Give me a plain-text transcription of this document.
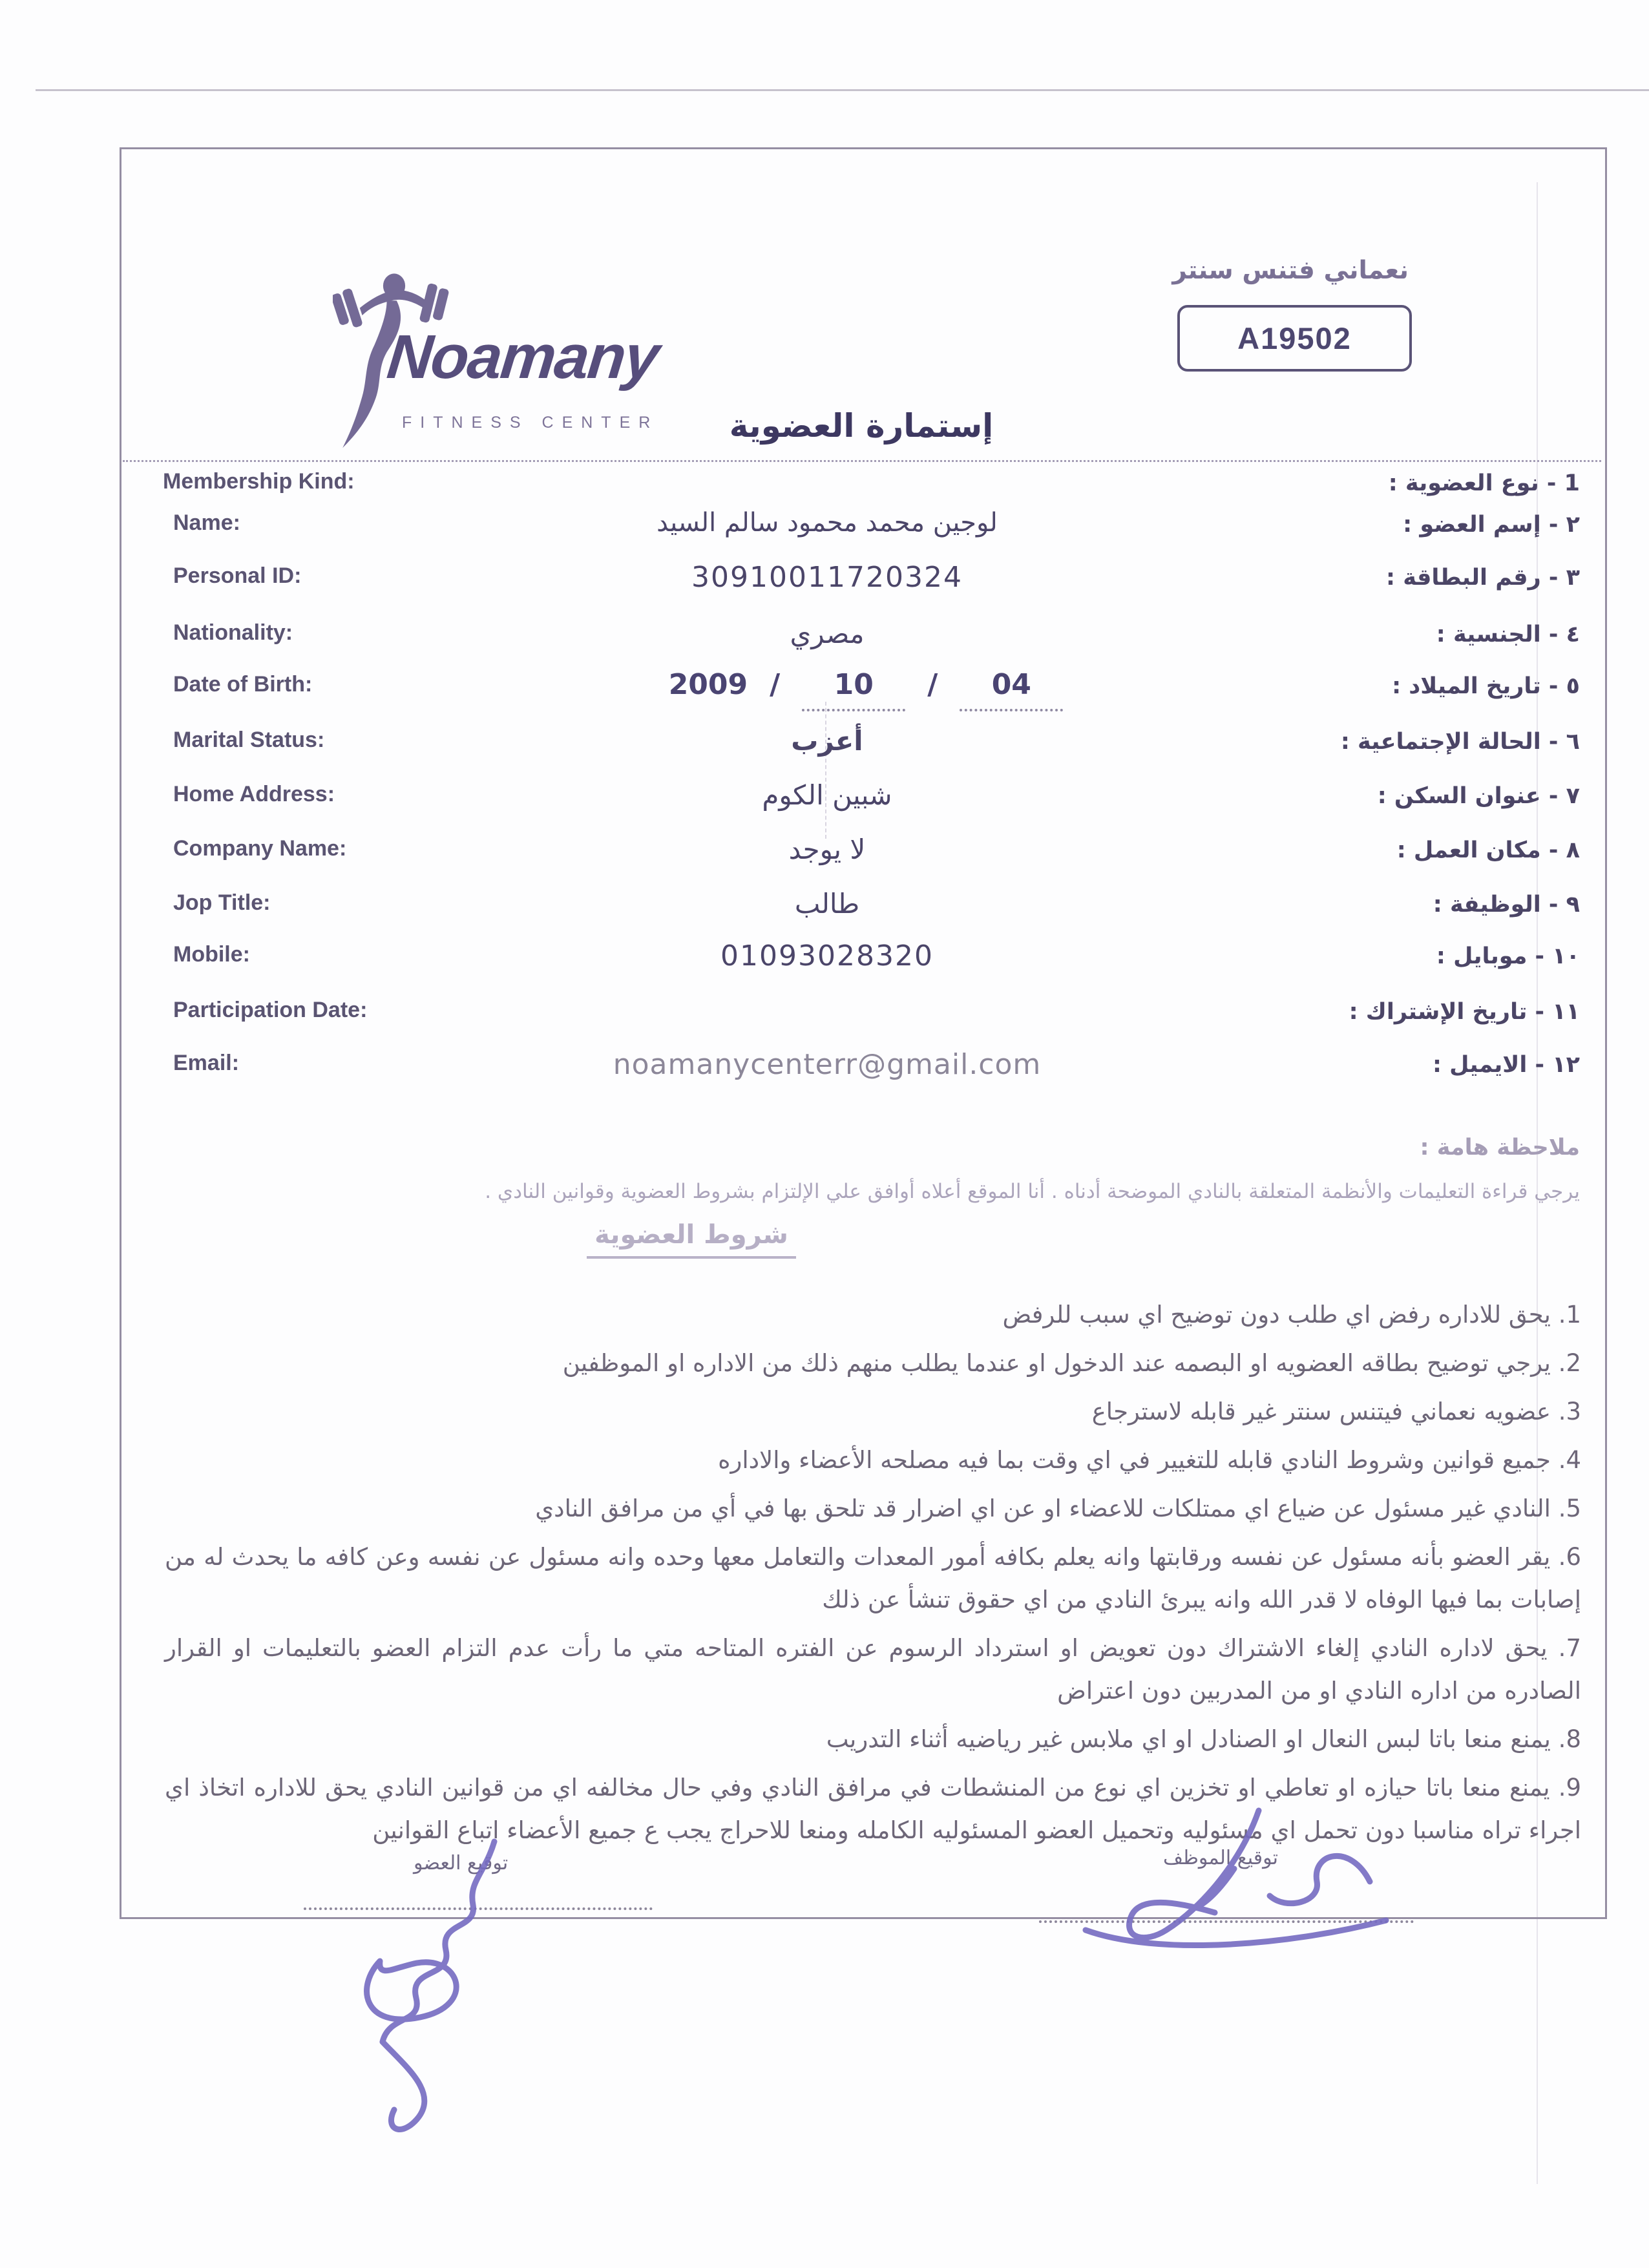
Noamany
FITNESS CENTER
نعماني فتنس سنتر
A19502
إستمارة العضوية
Membership Kind:	1 - نوع العضوية :
Name:	لوجين محمد محمود سالم السيد	٢ - إسم العضو :
Personal ID:	30910011720324	٣ - رقم البطاقة :
Nationality:	مصري	٤ - الجنسية :
Date of Birth:	2009 /	10	/	04	٥ - تاريخ الميلاد :
Marital Status:	أعزب	٦ - الحالة الإجتماعية :
Home Address:	شبين الكوم	٧ - عنوان السكن :
Company Name:	لا يوجد	٨ - مكان العمل :
Jop Title:	طالب	٩ - الوظيفة :
Mobile:	01093028320	١٠ - موبايل :
Participation Date:	١١ - تاريخ الإشتراك :
Email:	noamanycenterr@gmail.com	١٢ - الايميل :
ملاحظة هامة :
يرجي قراءة التعليمات والأنظمة المتعلقة بالنادي الموضحة أدناه . أنا الموقع أعلاه أوافق علي الإلتزام بشروط العضوية وقوانين النادي .
شروط العضوية
1. يحق للاداره رفض اي طلب دون توضيح اي سبب للرفض
2. يرجي توضيح بطاقه العضويه او البصمه عند الدخول او عندما يطلب منهم ذلك من الاداره او الموظفين
3. عضويه نعماني فيتنس سنتر غير قابله لاسترجاع
4. جميع قوانين وشروط النادي قابله للتغيير في اي وقت بما فيه مصلحه الأعضاء والاداره
5. النادي غير مسئول عن ضياع اي ممتلكات للاعضاء او عن اي اضرار قد تلحق بها في أي من مرافق النادي
6. يقر العضو بأنه مسئول عن نفسه ورقابتها وانه يعلم بكافه أمور المعدات والتعامل معها وحده وانه مسئول عن نفسه وعن كافه ما يحدث له من إصابات بما فيها الوفاه لا قدر الله وانه يبرئ النادي من اي حقوق تنشأ عن ذلك
7. يحق لاداره النادي إلغاء الاشتراك دون تعويض او استرداد الرسوم عن الفتره المتاحه متي ما رأت عدم التزام العضو بالتعليمات او القرار الصادره من اداره النادي او من المدربين دون اعتراض
8. يمنع منعا باتا لبس النعال او الصنادل او اي ملابس غير رياضيه أثناء التدريب
9. يمنع منعا باتا حيازه او تعاطي او تخزين اي نوع من المنشطات في مرافق النادي وفي حال مخالفه اي من قوانين النادي يحق للاداره اتخاذ اي اجراء تراه مناسبا دون تحمل اي مسئوليه وتحميل العضو المسئوليه الكامله ومنعا للاحراج يجب ع جميع الأعضاء اتباع القوانين
توقيع العضو	توقيع الموظف
